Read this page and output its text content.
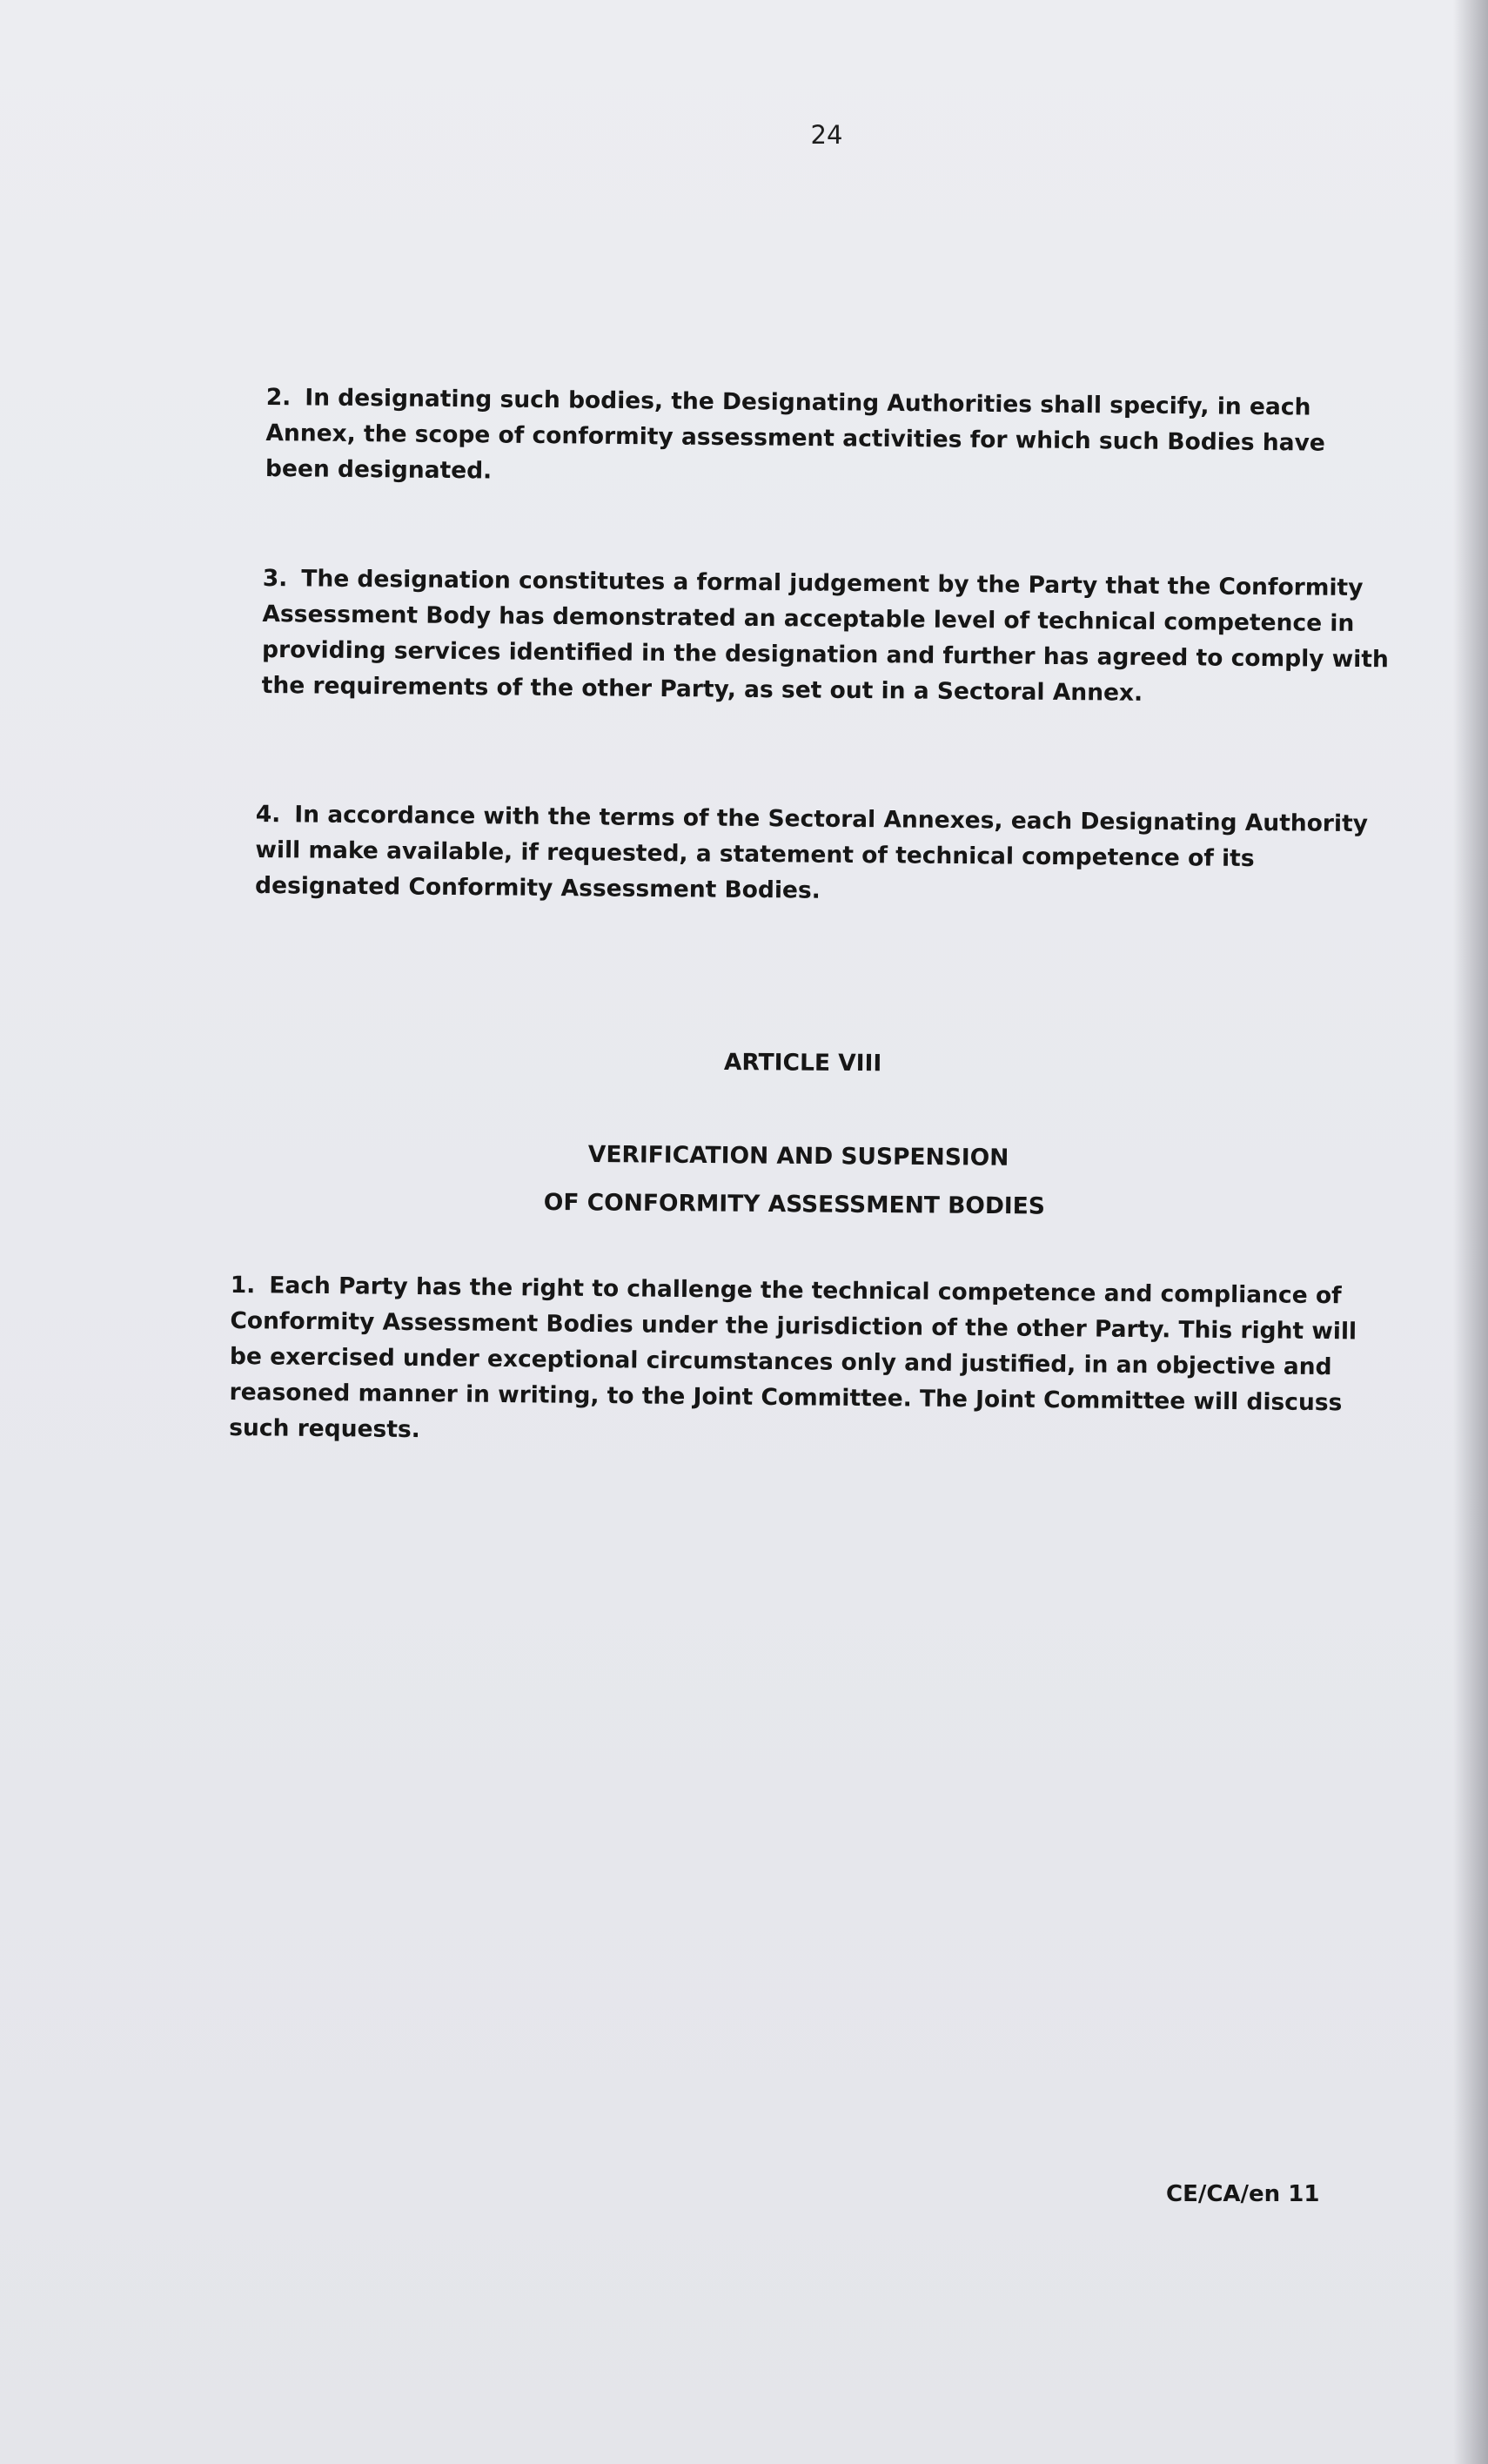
24
2. In designating such bodies, the Designating Authorities shall specify, in each Annex, the scope of conformity assessment activities for which such Bodies have been designated.
3. The designation constitutes a formal judgement by the Party that the Conformity Assessment Body has demonstrated an acceptable level of technical competence in providing services identified in the designation and further has agreed to comply with the requirements of the other Party, as set out in a Sectoral Annex.
4. In accordance with the terms of the Sectoral Annexes, each Designating Authority will make available, if requested, a statement of technical competence of its designated Conformity Assessment Bodies.
ARTICLE VIII
VERIFICATION AND SUSPENSION
OF CONFORMITY ASSESSMENT BODIES
1. Each Party has the right to challenge the technical competence and compliance of Conformity Assessment Bodies under the jurisdiction of the other Party. This right will be exercised under exceptional circumstances only and justified, in an objective and reasoned manner in writing, to the Joint Committee. The Joint Committee will discuss such requests.
CE/CA/en 11
